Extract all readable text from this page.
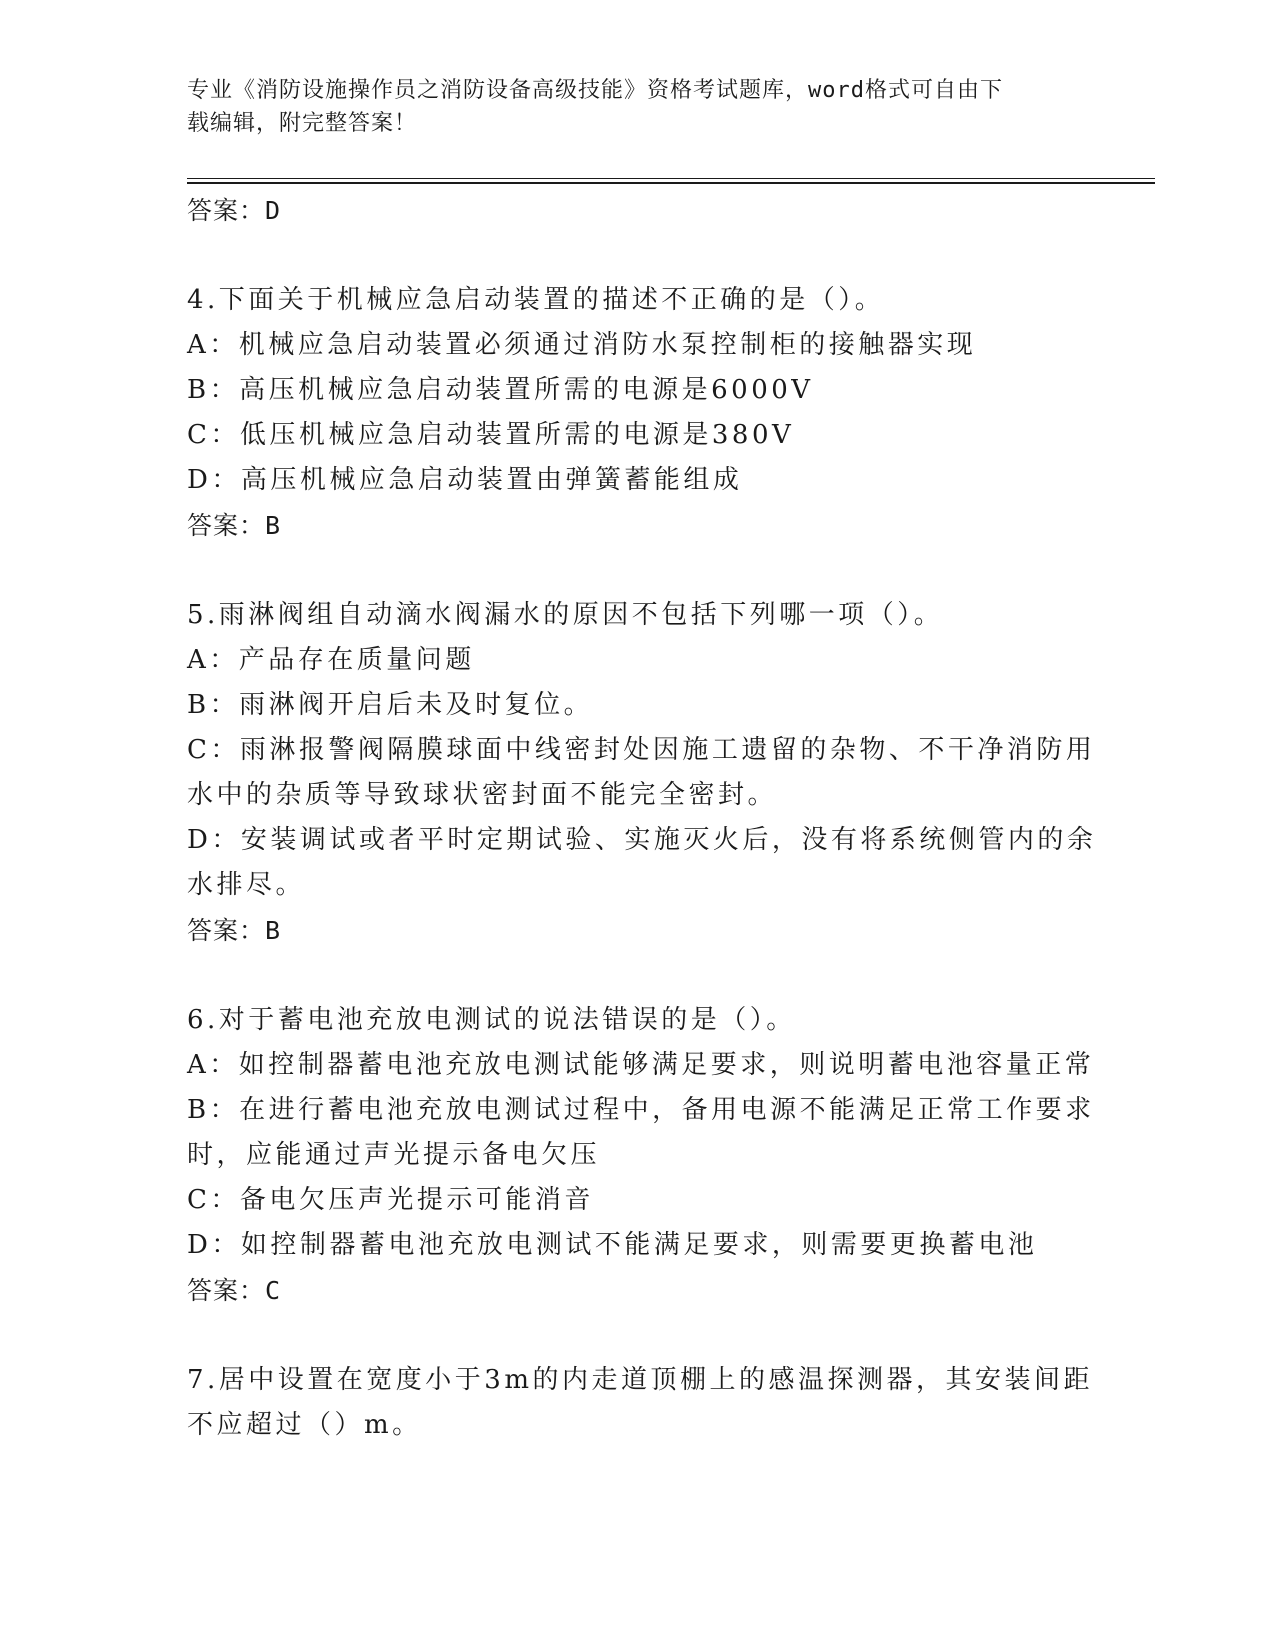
专业《消防设施操作员之消防设备高级技能》资格考试题库，word格式可自由下
载编辑，附完整答案！
答案：D
4.下面关于机械应急启动装置的描述不正确的是（）。
A：机械应急启动装置必须通过消防水泵控制柜的接触器实现
B：高压机械应急启动装置所需的电源是6000V
C：低压机械应急启动装置所需的电源是380V
D：高压机械应急启动装置由弹簧蓄能组成
答案：B
5.雨淋阀组自动滴水阀漏水的原因不包括下列哪一项（）。
A：产品存在质量问题
B：雨淋阀开启后未及时复位。
C：雨淋报警阀隔膜球面中线密封处因施工遗留的杂物、不干净消防用
水中的杂质等导致球状密封面不能完全密封。
D：安装调试或者平时定期试验、实施灭火后，没有将系统侧管内的余
水排尽。
答案：B
6.对于蓄电池充放电测试的说法错误的是（）。
A：如控制器蓄电池充放电测试能够满足要求，则说明蓄电池容量正常
B：在进行蓄电池充放电测试过程中，备用电源不能满足正常工作要求
时，应能通过声光提示备电欠压
C：备电欠压声光提示可能消音
D：如控制器蓄电池充放电测试不能满足要求，则需要更换蓄电池
答案：C
7.居中设置在宽度小于3m的内走道顶棚上的感温探测器，其安装间距
不应超过（）m。
